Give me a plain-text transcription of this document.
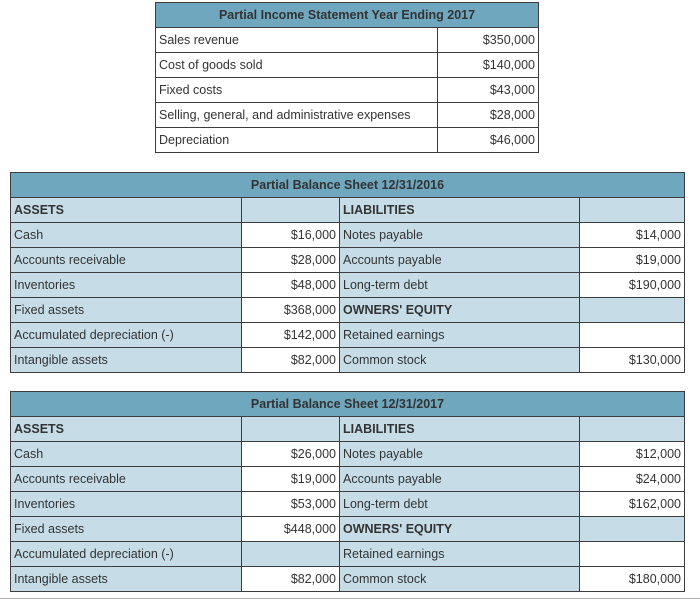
Partial Income Statement Year Ending 2017	
Sales revenue	$350,000
Cost of goods sold	$140,000
Fixed costs	$43,000
Selling, general, and administrative expenses	$28,000
Depreciation	$46,000
Partial Balance Sheet 12/31/2016			
ASSETS		LIABILITIES	
Cash	$16,000	Notes payable	$14,000
Accounts receivable	$28,000	Accounts payable	$19,000
Inventories	$48,000	Long-term debt	$190,000
Fixed assets	$368,000	OWNERS' EQUITY	
Accumulated depreciation (-)	$142,000	Retained earnings	
Intangible assets	$82,000	Common stock	$130,000
Partial Balance Sheet 12/31/2017			
ASSETS		LIABILITIES	
Cash	$26,000	Notes payable	$12,000
Accounts receivable	$19,000	Accounts payable	$24,000
Inventories	$53,000	Long-term debt	$162,000
Fixed assets	$448,000	OWNERS' EQUITY	
Accumulated depreciation (-)		Retained earnings	
Intangible assets	$82,000	Common stock	$180,000
